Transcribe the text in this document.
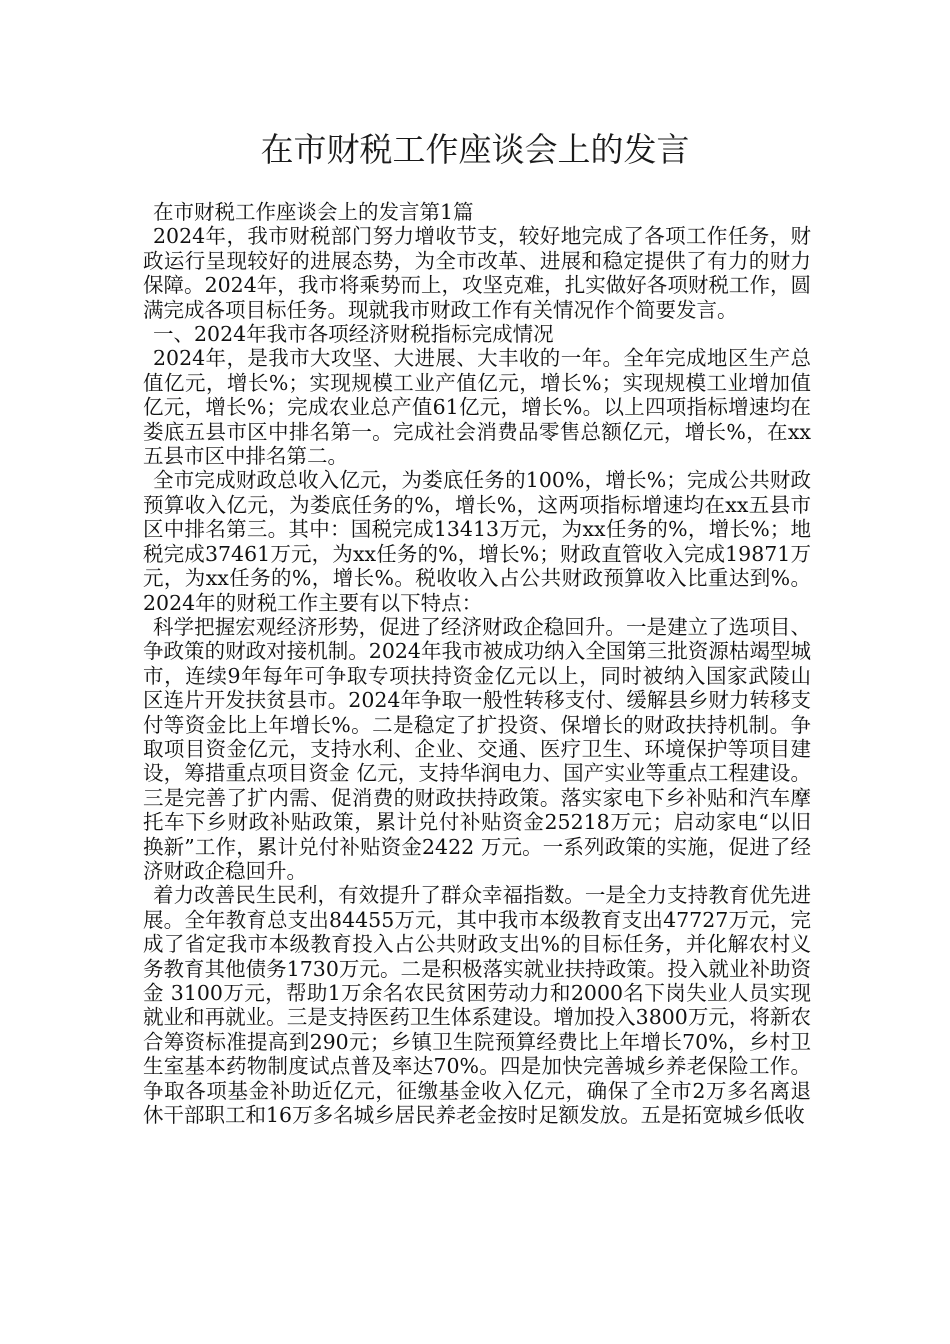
在市财税工作座谈会上的发言

在市财税工作座谈会上的发言第1篇

2024年，我市财税部门努力增收节支，较好地完成了各项工作任务，财政运行呈现较好的进展态势，为全市改革、进展和稳定提供了有力的财力保障。2024年，我市将乘势而上，攻坚克难，扎实做好各项财税工作，圆满完成各项目标任务。现就我市财政工作有关情况作个简要发言。

一、2024年我市各项经济财税指标完成情况

2024年，是我市大攻坚、大进展、大丰收的一年。全年完成地区生产总值亿元，增长%；实现规模工业产值亿元，增长%；实现规模工业增加值亿元，增长%；完成农业总产值61亿元，增长%。以上四项指标增速均在娄底五县市区中排名第一。完成社会消费品零售总额亿元，增长%，在xx五县市区中排名第二。

全市完成财政总收入亿元，为娄底任务的100%，增长%；完成公共财政预算收入亿元，为娄底任务的%，增长%，这两项指标增速均在xx五县市区中排名第三。其中：国税完成13413万元，为xx任务的%，增长%；地税完成37461万元，为xx任务的%，增长%；财政直管收入完成19871万元，为xx任务的%，增长%。税收收入占公共财政预算收入比重达到%。2024年的财税工作主要有以下特点：

科学把握宏观经济形势，促进了经济财政企稳回升。一是建立了选项目、争政策的财政对接机制。2024年我市被成功纳入全国第三批资源枯竭型城市，连续9年每年可争取专项扶持资金亿元以上，同时被纳入国家武陵山区连片开发扶贫县市。2024年争取一般性转移支付、缓解县乡财力转移支付等资金比上年增长%。二是稳定了扩投资、保增长的财政扶持机制。争取项目资金亿元，支持水利、企业、交通、医疗卫生、环境保护等项目建设，筹措重点项目资金 亿元，支持华润电力、国产实业等重点工程建设。三是完善了扩内需、促消费的财政扶持政策。落实家电下乡补贴和汽车摩托车下乡财政补贴政策，累计兑付补贴资金25218万元；启动家电“以旧换新”工作，累计兑付补贴资金2422 万元。一系列政策的实施，促进了经济财政企稳回升。

着力改善民生民利，有效提升了群众幸福指数。一是全力支持教育优先进展。全年教育总支出84455万元，其中我市本级教育支出47727万元，完成了省定我市本级教育投入占公共财政支出%的目标任务，并化解农村义务教育其他债务1730万元。二是积极落实就业扶持政策。投入就业补助资金 3100万元，帮助1万余名农民贫困劳动力和2000名下岗失业人员实现就业和再就业。三是支持医药卫生体系建设。增加投入3800万元，将新农合筹资标准提高到290元；乡镇卫生院预算经费比上年增长70%，乡村卫生室基本药物制度试点普及率达70%。四是加快完善城乡养老保险工作。争取各项基金补助近亿元，征缴基金收入亿元，确保了全市2万多名离退休干部职工和16万多名城乡居民养老金按时足额发放。五是拓宽城乡低收
